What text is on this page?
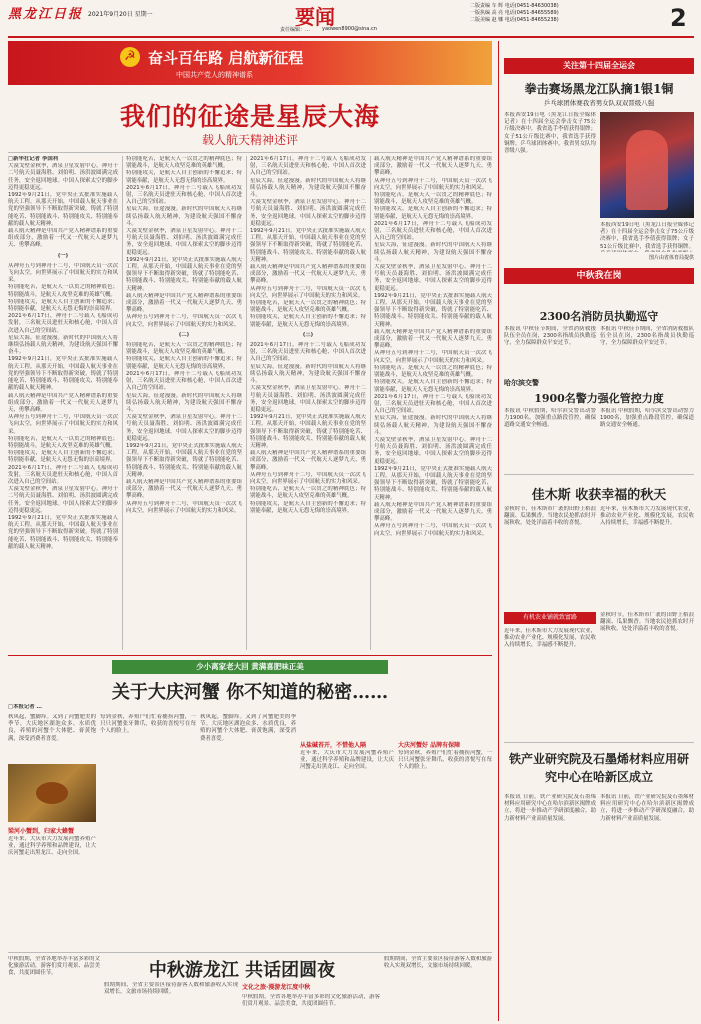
黑龙江日报 2021年9月20日 星期一	要闻
责任编辑：… yaowen8900@sina.cn
二版责编 车 辉 电话(0451-84630038)
一版执编 高 亮 电话(0451-84655589)
二版美编 赵 娜 电话(0451-84655238)	2
☭ 奋斗百年路 启航新征程
中国共产党人的精神谱系
我们的征途是星辰大海
载人航天精神述评
□新华社记者 李国利
大漠戈壁金秋季，酒泉卫星发射中心。神舟十二号航天员聂海胜、刘伯明、汤洪波圆满完成任务，安全返回地球。中国人探索太空的脚步迈得更稳更远。
1992年9月21日，党中央正式批准实施载人航天工程。从那天开始，中国载人航天事业在党的坚强领导下不断取得新突破，铸就了特别能吃苦、特别能战斗、特别能攻关、特别能奉献的载人航天精神。
载人航天精神是中国共产党人精神谱系的重要组成部分，激励着一代又一代航天人逐梦九天、勇攀高峰。
(一)
从神舟五号到神舟十二号，中国航天员一次次飞向太空，向世界展示了中国航天的实力和风采。
特别能吃苦，是航天人一以贯之的精神底色；特别能战斗，是航天人攻坚克难的英雄气概。
特别能攻关，是航天人自主创新的不懈追求；特别能奉献，是航天人无怨无悔的崇高境界。
2021年6月17日，神舟十二号载人飞船成功发射，三名航天员进驻天和核心舱，中国人首次进入自己的空间站。
星辰大海，征途漫漫。新时代的中国航天人将继续弘扬载人航天精神，为建设航天强国不懈奋斗。
1992年9月21日，党中央正式批准实施载人航天工程。从那天开始，中国载人航天事业在党的坚强领导下不断取得新突破，铸就了特别能吃苦、特别能战斗、特别能攻关、特别能奉献的载人航天精神。
载人航天精神是中国共产党人精神谱系的重要组成部分，激励着一代又一代航天人逐梦九天、勇攀高峰。
从神舟五号到神舟十二号，中国航天员一次次飞向太空，向世界展示了中国航天的实力和风采。
特别能吃苦，是航天人一以贯之的精神底色；特别能战斗，是航天人攻坚克难的英雄气概。
特别能攻关，是航天人自主创新的不懈追求；特别能奉献，是航天人无怨无悔的崇高境界。
2021年6月17日，神舟十二号载人飞船成功发射，三名航天员进驻天和核心舱，中国人首次进入自己的空间站。
大漠戈壁金秋季，酒泉卫星发射中心。神舟十二号航天员聂海胜、刘伯明、汤洪波圆满完成任务，安全返回地球。中国人探索太空的脚步迈得更稳更远。
1992年9月21日，党中央正式批准实施载人航天工程。从那天开始，中国载人航天事业在党的坚强领导下不断取得新突破，铸就了特别能吃苦、特别能战斗、特别能攻关、特别能奉献的载人航天精神。
特别能吃苦，是航天人一以贯之的精神底色；特别能战斗，是航天人攻坚克难的英雄气概。
特别能攻关，是航天人自主创新的不懈追求；特别能奉献，是航天人无怨无悔的崇高境界。
2021年6月17日，神舟十二号载人飞船成功发射，三名航天员进驻天和核心舱，中国人首次进入自己的空间站。
星辰大海，征途漫漫。新时代的中国航天人将继续弘扬载人航天精神，为建设航天强国不懈奋斗。
大漠戈壁金秋季，酒泉卫星发射中心。神舟十二号航天员聂海胜、刘伯明、汤洪波圆满完成任务，安全返回地球。中国人探索太空的脚步迈得更稳更远。
1992年9月21日，党中央正式批准实施载人航天工程。从那天开始，中国载人航天事业在党的坚强领导下不断取得新突破，铸就了特别能吃苦、特别能战斗、特别能攻关、特别能奉献的载人航天精神。
载人航天精神是中国共产党人精神谱系的重要组成部分，激励着一代又一代航天人逐梦九天、勇攀高峰。
从神舟五号到神舟十二号，中国航天员一次次飞向太空，向世界展示了中国航天的实力和风采。
(二)
特别能吃苦，是航天人一以贯之的精神底色；特别能战斗，是航天人攻坚克难的英雄气概。
特别能攻关，是航天人自主创新的不懈追求；特别能奉献，是航天人无怨无悔的崇高境界。
2021年6月17日，神舟十二号载人飞船成功发射，三名航天员进驻天和核心舱，中国人首次进入自己的空间站。
星辰大海，征途漫漫。新时代的中国航天人将继续弘扬载人航天精神，为建设航天强国不懈奋斗。
大漠戈壁金秋季，酒泉卫星发射中心。神舟十二号航天员聂海胜、刘伯明、汤洪波圆满完成任务，安全返回地球。中国人探索太空的脚步迈得更稳更远。
1992年9月21日，党中央正式批准实施载人航天工程。从那天开始，中国载人航天事业在党的坚强领导下不断取得新突破，铸就了特别能吃苦、特别能战斗、特别能攻关、特别能奉献的载人航天精神。
载人航天精神是中国共产党人精神谱系的重要组成部分，激励着一代又一代航天人逐梦九天、勇攀高峰。
从神舟五号到神舟十二号，中国航天员一次次飞向太空，向世界展示了中国航天的实力和风采。
2021年6月17日，神舟十二号载人飞船成功发射，三名航天员进驻天和核心舱，中国人首次进入自己的空间站。
星辰大海，征途漫漫。新时代的中国航天人将继续弘扬载人航天精神，为建设航天强国不懈奋斗。
大漠戈壁金秋季，酒泉卫星发射中心。神舟十二号航天员聂海胜、刘伯明、汤洪波圆满完成任务，安全返回地球。中国人探索太空的脚步迈得更稳更远。
1992年9月21日，党中央正式批准实施载人航天工程。从那天开始，中国载人航天事业在党的坚强领导下不断取得新突破，铸就了特别能吃苦、特别能战斗、特别能攻关、特别能奉献的载人航天精神。
载人航天精神是中国共产党人精神谱系的重要组成部分，激励着一代又一代航天人逐梦九天、勇攀高峰。
从神舟五号到神舟十二号，中国航天员一次次飞向太空，向世界展示了中国航天的实力和风采。
特别能吃苦，是航天人一以贯之的精神底色；特别能战斗，是航天人攻坚克难的英雄气概。
特别能攻关，是航天人自主创新的不懈追求；特别能奉献，是航天人无怨无悔的崇高境界。
(三)
2021年6月17日，神舟十二号载人飞船成功发射，三名航天员进驻天和核心舱，中国人首次进入自己的空间站。
星辰大海，征途漫漫。新时代的中国航天人将继续弘扬载人航天精神，为建设航天强国不懈奋斗。
大漠戈壁金秋季，酒泉卫星发射中心。神舟十二号航天员聂海胜、刘伯明、汤洪波圆满完成任务，安全返回地球。中国人探索太空的脚步迈得更稳更远。
1992年9月21日，党中央正式批准实施载人航天工程。从那天开始，中国载人航天事业在党的坚强领导下不断取得新突破，铸就了特别能吃苦、特别能战斗、特别能攻关、特别能奉献的载人航天精神。
载人航天精神是中国共产党人精神谱系的重要组成部分，激励着一代又一代航天人逐梦九天、勇攀高峰。
从神舟五号到神舟十二号，中国航天员一次次飞向太空，向世界展示了中国航天的实力和风采。
特别能吃苦，是航天人一以贯之的精神底色；特别能战斗，是航天人攻坚克难的英雄气概。
特别能攻关，是航天人自主创新的不懈追求；特别能奉献，是航天人无怨无悔的崇高境界。
载人航天精神是中国共产党人精神谱系的重要组成部分，激励着一代又一代航天人逐梦九天、勇攀高峰。
从神舟五号到神舟十二号，中国航天员一次次飞向太空，向世界展示了中国航天的实力和风采。
特别能吃苦，是航天人一以贯之的精神底色；特别能战斗，是航天人攻坚克难的英雄气概。
特别能攻关，是航天人自主创新的不懈追求；特别能奉献，是航天人无怨无悔的崇高境界。
2021年6月17日，神舟十二号载人飞船成功发射，三名航天员进驻天和核心舱，中国人首次进入自己的空间站。
星辰大海，征途漫漫。新时代的中国航天人将继续弘扬载人航天精神，为建设航天强国不懈奋斗。
大漠戈壁金秋季，酒泉卫星发射中心。神舟十二号航天员聂海胜、刘伯明、汤洪波圆满完成任务，安全返回地球。中国人探索太空的脚步迈得更稳更远。
1992年9月21日，党中央正式批准实施载人航天工程。从那天开始，中国载人航天事业在党的坚强领导下不断取得新突破，铸就了特别能吃苦、特别能战斗、特别能攻关、特别能奉献的载人航天精神。
载人航天精神是中国共产党人精神谱系的重要组成部分，激励着一代又一代航天人逐梦九天、勇攀高峰。
从神舟五号到神舟十二号，中国航天员一次次飞向太空，向世界展示了中国航天的实力和风采。
特别能吃苦，是航天人一以贯之的精神底色；特别能战斗，是航天人攻坚克难的英雄气概。
特别能攻关，是航天人自主创新的不懈追求；特别能奉献，是航天人无怨无悔的崇高境界。
2021年6月17日，神舟十二号载人飞船成功发射，三名航天员进驻天和核心舱，中国人首次进入自己的空间站。
星辰大海，征途漫漫。新时代的中国航天人将继续弘扬载人航天精神，为建设航天强国不懈奋斗。
大漠戈壁金秋季，酒泉卫星发射中心。神舟十二号航天员聂海胜、刘伯明、汤洪波圆满完成任务，安全返回地球。中国人探索太空的脚步迈得更稳更远。
1992年9月21日，党中央正式批准实施载人航天工程。从那天开始，中国载人航天事业在党的坚强领导下不断取得新突破，铸就了特别能吃苦、特别能战斗、特别能攻关、特别能奉献的载人航天精神。
载人航天精神是中国共产党人精神谱系的重要组成部分，激励着一代又一代航天人逐梦九天、勇攀高峰。
从神舟五号到神舟十二号，中国航天员一次次飞向太空，向世界展示了中国航天的实力和风采。
关注第十四届全运会
拳击赛场黑龙江队摘1银1铜
乒乓球团体赛我省男女队双双晋级八强
本报西安19日电（黑龙江日报全媒体记者）在十四届全运会拳击女子75公斤级决赛中，我省选手李倩获得银牌；女子51公斤级比赛中，我省选手获得铜牌。乒乓球团体赛中，我省男女队均晋级八强。
本报西安19日电（黑龙江日报全媒体记者）在十四届全运会拳击女子75公斤级决赛中，我省选手李倩获得银牌；女子51公斤级比赛中，我省选手获得铜牌。
图片由省体育局提供
中秋我在岗
2300名消防员执勤巡守
本报讯 中秋佳节期间，全省消防救援队伍全员在岗，2300名指战员执勤巡守，全力保障群众平安过节。
本报讯 中秋佳节期间，全省消防救援队伍全员在岗，2300名指战员执勤巡守，全力保障群众平安过节。
哈尔滨交警
1900名警力强化管控力度
本报讯 中秋假期，哈尔滨交警出动警力1900名，加强重点路段管控，确保道路交通安全畅通。
本报讯 中秋假期，哈尔滨交警出动警力1900名，加强重点路段管控，确保道路交通安全畅通。
佳木斯 收获幸福的秋天
金秋时节，佳木斯市广袤的田野上稻浪翻滚、瓜果飘香。当地农民抢抓农时开展秋收，处处洋溢着丰收的喜悦。
近年来，佳木斯市大力发展现代农业，推动农业产业化、规模化发展，农民收入持续增长，幸福感不断提升。
有机农业铺就致富路
近年来，佳木斯市大力发展现代农业，推动农业产业化、规模化发展，农民收入持续增长，幸福感不断提升。
金秋时节，佳木斯市广袤的田野上稻浪翻滚、瓜果飘香。当地农民抢抓农时开展秋收，处处洋溢着丰收的喜悦。
铁产业研究院及石墨烯材料应用研究中心在哈新区成立
本报讯 日前，铁产业研究院及石墨烯材料应用研究中心在哈尔滨新区揭牌成立，将进一步推动产学研深度融合，助力新材料产业高质量发展。
本报讯 日前，铁产业研究院及石墨烯材料应用研究中心在哈尔滨新区揭牌成立，将进一步推动产学研深度融合，助力新材料产业高质量发展。
少小离家老大回 黄满喜肥味正美
关于大庆河蟹 你不知道的秘密……
□本报记者 …
秋风起，蟹脚痒。又到了河蟹肥美的季节。大庆地区湖泡众多、水质优良，养殖的河蟹个大体肥、膏黄饱满，深受消费者喜爱。
梁河小蟹到，归家大蜂蟹
近年来，大庆市大力发展河蟹养殖产业，通过科学养殖和品牌建设，让大庆河蟹走出黑龙江、走向全国。
每到金秋，养殖户们忙着捕捞河蟹，一只只河蟹张牙舞爪，收获的喜悦写在每个人的脸上。
秋风起，蟹脚痒。又到了河蟹肥美的季节。大庆地区湖泡众多、水质优良，养殖的河蟹个大体肥、膏黄饱满，深受消费者喜爱。
从盐碱苔开，不惜他人隔
近年来，大庆市大力发展河蟹养殖产业，通过科学养殖和品牌建设，让大庆河蟹走出黑龙江、走向全国。
大庆河蟹好 品牌有保障
每到金秋，养殖户们忙着捕捞河蟹，一只只河蟹张牙舞爪，收获的喜悦写在每个人的脸上。
中秋假期，全省各地举办丰富多彩的文化旅游活动，游客们赏月观景、品尝美食，共度团圆佳节。	中秋游龙江 共话团圆夜
假期期间，全省主要景区接待游客人数和旅游收入实现双增长，文旅市场持续回暖。
文化之旅·漫游龙江度中秋
中秋假期，全省各地举办丰富多彩的文化旅游活动，游客们赏月观景、品尝美食，共度团圆佳节。
假期期间，全省主要景区接待游客人数和旅游收入实现双增长，文旅市场持续回暖。
